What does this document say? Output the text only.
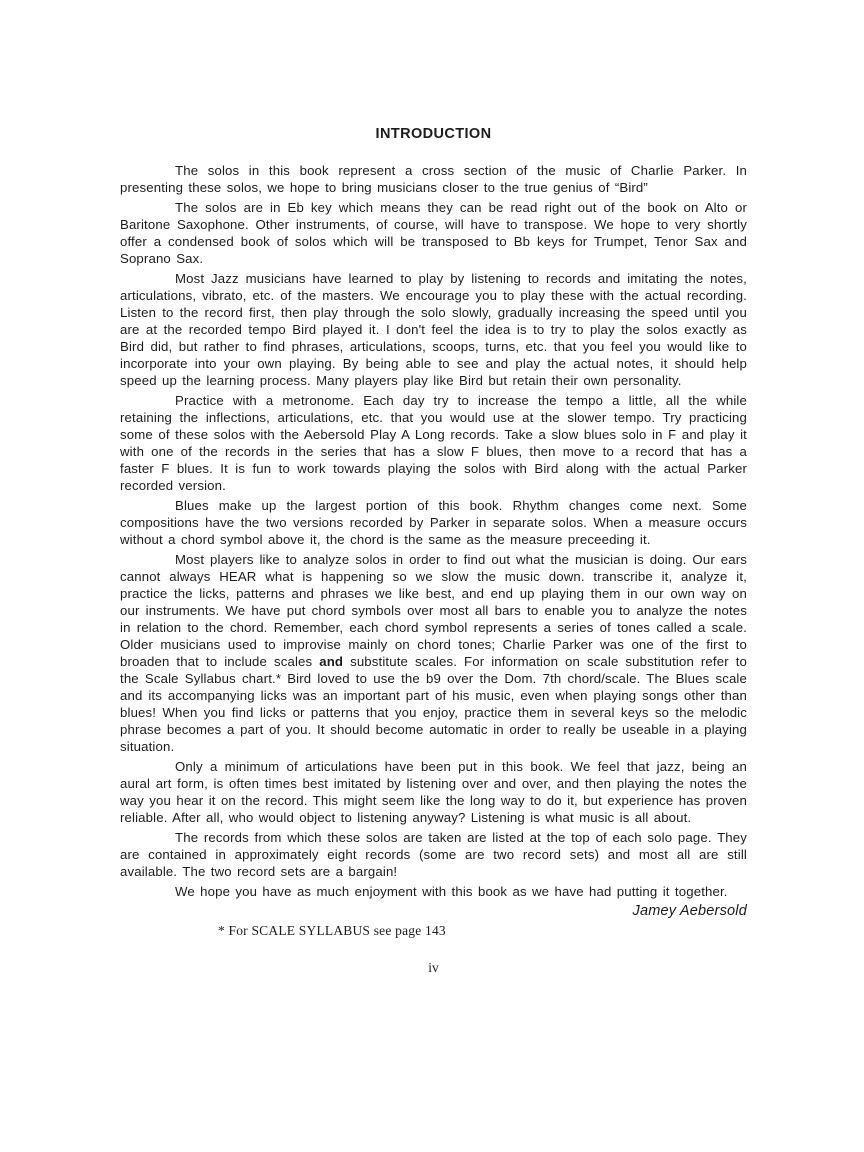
INTRODUCTION

The solos in this book represent a cross section of the music of Charlie Parker. In presenting these solos, we hope to bring musicians closer to the true genius of “Bird”

The solos are in Eb key which means they can be read right out of the book on Alto or Baritone Saxophone. Other instruments, of course, will have to transpose. We hope to very shortly offer a condensed book of solos which will be transposed to Bb keys for Trumpet, Tenor Sax and Soprano Sax.

Most Jazz musicians have learned to play by listening to records and imitating the notes, articulations, vibrato, etc. of the masters. We encourage you to play these with the actual recording. Listen to the record first, then play through the solo slowly, gradually increasing the speed until you are at the recorded tempo Bird played it. I don't feel the idea is to try to play the solos exactly as Bird did, but rather to find phrases, articulations, scoops, turns, etc. that you feel you would like to incorporate into your own playing. By being able to see and play the actual notes, it should help speed up the learning process. Many players play like Bird but retain their own personality.

Practice with a metronome. Each day try to increase the tempo a little, all the while retaining the inflections, articulations, etc. that you would use at the slower tempo. Try practicing some of these solos with the Aebersold Play A Long records. Take a slow blues solo in F and play it with one of the records in the series that has a slow F blues, then move to a record that has a faster F blues. It is fun to work towards playing the solos with Bird along with the actual Parker recorded version.

Blues make up the largest portion of this book. Rhythm changes come next. Some compositions have the two versions recorded by Parker in separate solos. When a measure occurs without a chord symbol above it, the chord is the same as the measure preceeding it.

Most players like to analyze solos in order to find out what the musician is doing. Our ears cannot always HEAR what is happening so we slow the music down. transcribe it, analyze it, practice the licks, patterns and phrases we like best, and end up playing them in our own way on our instruments. We have put chord symbols over most all bars to enable you to analyze the notes in relation to the chord. Remember, each chord symbol represents a series of tones called a scale. Older musicians used to improvise mainly on chord tones; Charlie Parker was one of the first to broaden that to include scales and substitute scales. For information on scale substitution refer to the Scale Syllabus chart.* Bird loved to use the b9 over the Dom. 7th chord/scale. The Blues scale and its accompanying licks was an important part of his music, even when playing songs other than blues! When you find licks or patterns that you enjoy, practice them in several keys so the melodic phrase becomes a part of you. It should become automatic in order to really be useable in a playing situation.

Only a minimum of articulations have been put in this book. We feel that jazz, being an aural art form, is often times best imitated by listening over and over, and then playing the notes the way you hear it on the record. This might seem like the long way to do it, but experience has proven reliable. After all, who would object to listening anyway? Listening is what music is all about.

The records from which these solos are taken are listed at the top of each solo page. They are contained in approximately eight records (some are two record sets) and most all are still available. The two record sets are a bargain!

We hope you have as much enjoyment with this book as we have had putting it together.

Jamey Aebersold
* For SCALE SYLLABUS see page 143
iv
